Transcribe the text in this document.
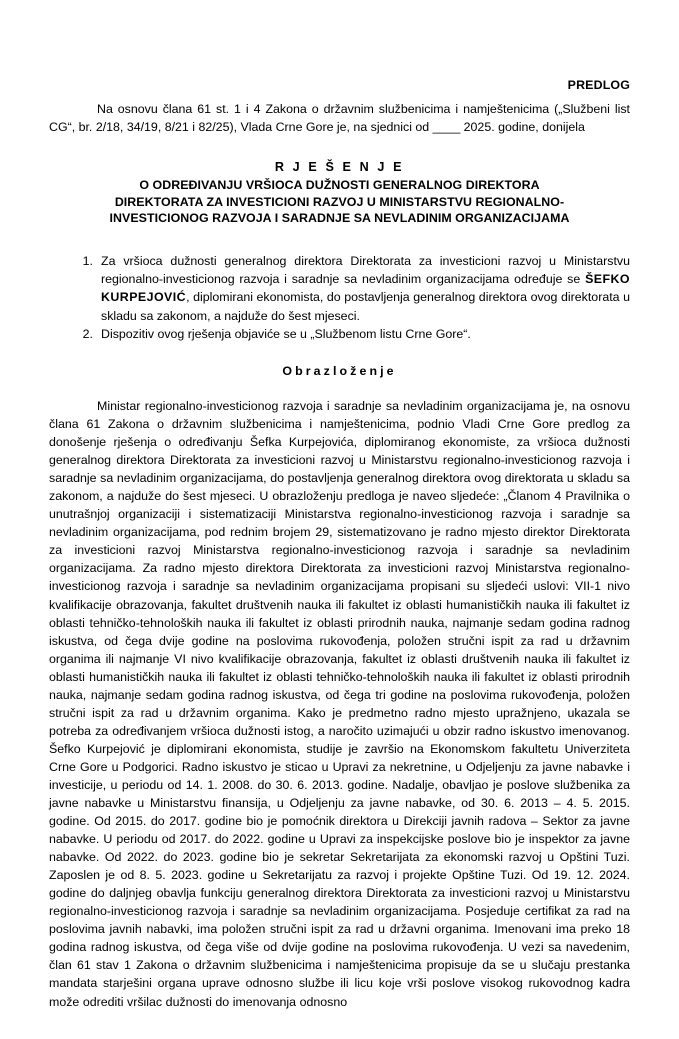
PREDLOG
Na osnovu člana 61 st. 1 i 4 Zakona o državnim službenicima i namještenicima („Službeni list CG“, br. 2/18, 34/19, 8/21 i 82/25), Vlada Crne Gore je, na sjednici od ____ 2025. godine, donijela
R J E Š E N J E
O ODREĐIVANJU VRŠIOCA DUŽNOSTI GENERALNOG DIREKTORA
DIREKTORATA ZA INVESTICIONI RAZVOJ U MINISTARSTVU REGIONALNO-
INVESTICIONOG RAZVOJA I SARADNJE SA NEVLADINIM ORGANIZACIJAMA
1. Za vršioca dužnosti generalnog direktora Direktorata za investicioni razvoj u Ministarstvu regionalno-investicionog razvoja i saradnje sa nevladinim organizacijama određuje se ŠEFKO KURPEJOVIĆ, diplomirani ekonomista, do postavljenja generalnog direktora ovog direktorata u skladu sa zakonom, a najduže do šest mjeseci.
2. Dispozitiv ovog rješenja objaviće se u „Službenom listu Crne Gore“.
Obrazloženje
Ministar regionalno-investicionog razvoja i saradnje sa nevladinim organizacijama je, na osnovu člana 61 Zakona o državnim službenicima i namještenicima, podnio Vladi Crne Gore predlog za donošenje rješenja o određivanju Šefka Kurpejovića, diplomiranog ekonomiste, za vršioca dužnosti generalnog direktora Direktorata za investicioni razvoj u Ministarstvu regionalno-investicionog razvoja i saradnje sa nevladinim organizacijama, do postavljenja generalnog direktora ovog direktorata u skladu sa zakonom, a najduže do šest mjeseci. U obrazloženju predloga je naveo sljedeće: „Članom 4 Pravilnika o unutrašnjoj organizaciji i sistematizaciji Ministarstva regionalno-investicionog razvoja i saradnje sa nevladinim organizacijama, pod rednim brojem 29, sistematizovano je radno mjesto direktor Direktorata za investicioni razvoj Ministarstva regionalno-investicionog razvoja i saradnje sa nevladinim organizacijama. Za radno mjesto direktora Direktorata za investicioni razvoj Ministarstva regionalno-investicionog razvoja i saradnje sa nevladinim organizacijama propisani su sljedeći uslovi: VII-1 nivo kvalifikacije obrazovanja, fakultet društvenih nauka ili fakultet iz oblasti humanističkih nauka ili fakultet iz oblasti tehničko-tehnoloških nauka ili fakultet iz oblasti prirodnih nauka, najmanje sedam godina radnog iskustva, od čega dvije godine na poslovima rukovođenja, položen stručni ispit za rad u državnim organima ili najmanje VI nivo kvalifikacije obrazovanja, fakultet iz oblasti društvenih nauka ili fakultet iz oblasti humanističkih nauka ili fakultet iz oblasti tehničko-tehnoloških nauka ili fakultet iz oblasti prirodnih nauka, najmanje sedam godina radnog iskustva, od čega tri godine na poslovima rukovođenja, položen stručni ispit za rad u državnim organima. Kako je predmetno radno mjesto upražnjeno, ukazala se potreba za određivanjem vršioca dužnosti istog, a naročito uzimajući u obzir radno iskustvo imenovanog. Šefko Kurpejović je diplomirani ekonomista, studije je završio na Ekonomskom fakultetu Univerziteta Crne Gore u Podgorici. Radno iskustvo je sticao u Upravi za nekretnine, u Odjeljenju za javne nabavke i investicije, u periodu od 14. 1. 2008. do 30. 6. 2013. godine. Nadalje, obavljao je poslove službenika za javne nabavke u Ministarstvu finansija, u Odjeljenju za javne nabavke, od 30. 6. 2013 – 4. 5. 2015. godine. Od 2015. do 2017. godine bio je pomoćnik direktora u Direkciji javnih radova – Sektor za javne nabavke. U periodu od 2017. do 2022. godine u Upravi za inspekcijske poslove bio je inspektor za javne nabavke. Od 2022. do 2023. godine bio je sekretar Sekretarijata za ekonomski razvoj u Opštini Tuzi. Zaposlen je od 8. 5. 2023. godine u Sekretarijatu za razvoj i projekte Opštine Tuzi. Od 19. 12. 2024. godine do daljnjeg obavlja funkciju generalnog direktora Direktorata za investicioni razvoj u Ministarstvu regionalno-investicionog razvoja i saradnje sa nevladinim organizacijama. Posjeduje certifikat za rad na poslovima javnih nabavki, ima položen stručni ispit za rad u državni organima. Imenovani ima preko 18 godina radnog iskustva, od čega više od dvije godine na poslovima rukovođenja. U vezi sa navedenim, član 61 stav 1 Zakona o državnim službenicima i namještenicima propisuje da se u slučaju prestanka mandata starješini organa uprave odnosno službe ili licu koje vrši poslove visokog rukovodnog kadra može odrediti vršilac dužnosti do imenovanja odnosno
